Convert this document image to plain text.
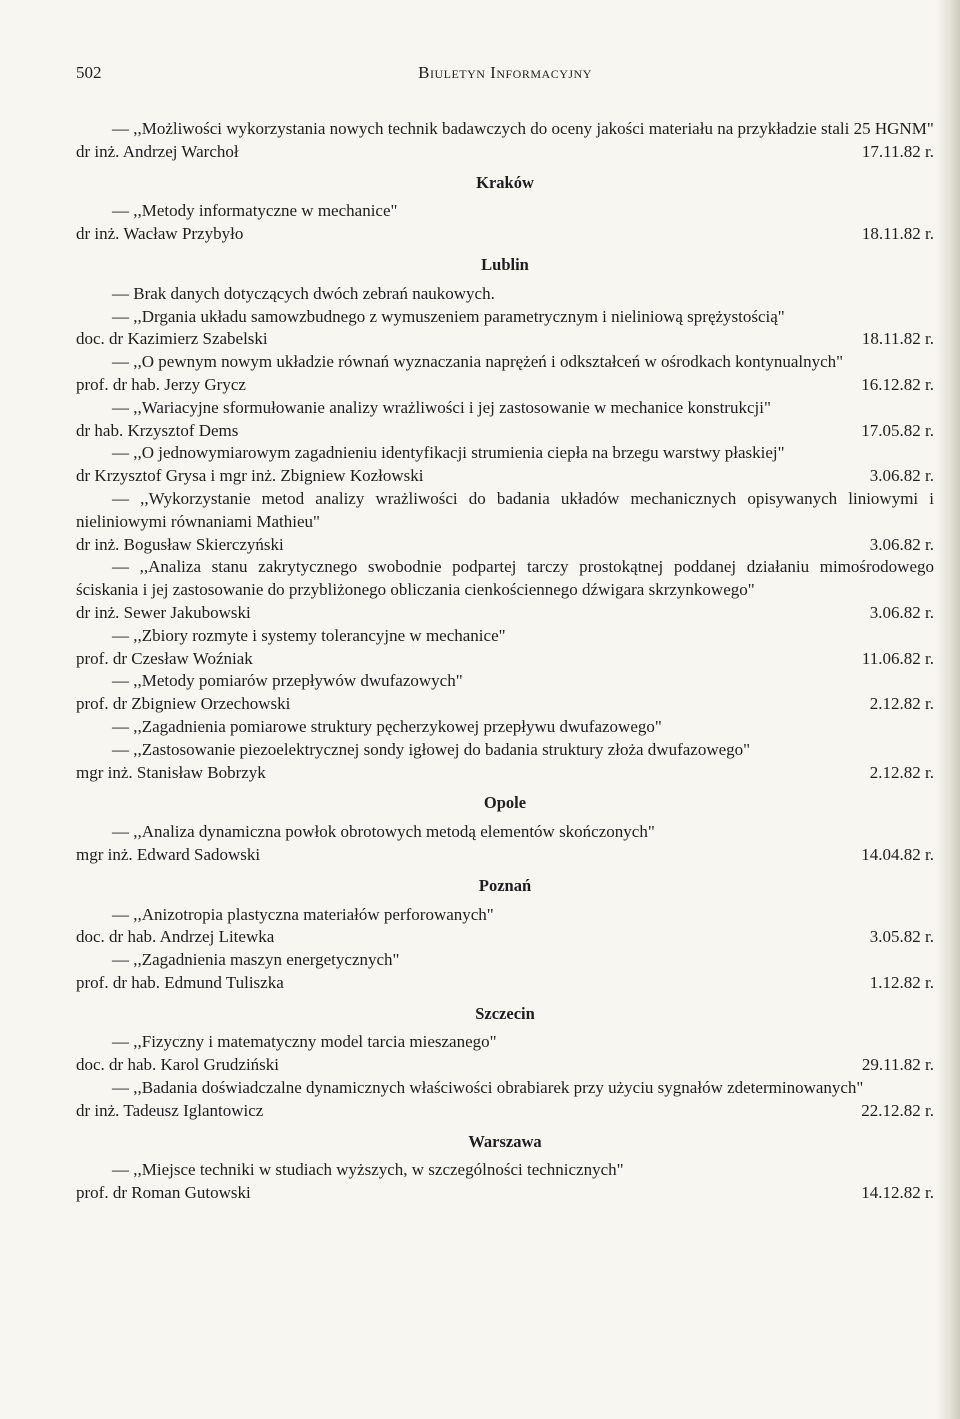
502	Biuletyn Informacyjny
— ,,Możliwości wykorzystania nowych technik badawczych do oceny jakości materiału na przykładzie stali 25 HGNM"
dr inż. Andrzej Warchoł	17.11.82 r.
Kraków
— ,,Metody informatyczne w mechanice"
dr inż. Wacław Przybyło	18.11.82 r.
Lublin
— Brak danych dotyczących dwóch zebrań naukowych.
— ,,Drgania układu samowzbudnego z wymuszeniem parametrycznym i nieliniową sprężystością"
doc. dr Kazimierz Szabelski	18.11.82 r.
— ,,O pewnym nowym układzie równań wyznaczania naprężeń i odkształceń w ośrodkach kontynualnych"
prof. dr hab. Jerzy Grycz	16.12.82 r.
— ,,Wariacyjne sformułowanie analizy wrażliwości i jej zastosowanie w mechanice konstrukcji"
dr hab. Krzysztof Dems	17.05.82 r.
— ,,O jednowymiarowym zagadnieniu identyfikacji strumienia ciepła na brzegu warstwy płaskiej"
dr Krzysztof Grysa i mgr inż. Zbigniew Kozłowski	3.06.82 r.
— ,,Wykorzystanie metod analizy wrażliwości do badania układów mechanicznych opisywanych liniowymi i nieliniowymi równaniami Mathieu"
dr inż. Bogusław Skierczyński	3.06.82 r.
— ,,Analiza stanu zakrytycznego swobodnie podpartej tarczy prostokątnej poddanej działaniu mimośrodowego ściskania i jej zastosowanie do przybliżonego obliczania cienkościennego dźwigara skrzynkowego"
dr inż. Sewer Jakubowski	3.06.82 r.
— ,,Zbiory rozmyte i systemy tolerancyjne w mechanice"
prof. dr Czesław Woźniak	11.06.82 r.
— ,,Metody pomiarów przepływów dwufazowych"
prof. dr Zbigniew Orzechowski	2.12.82 r.
— ,,Zagadnienia pomiarowe struktury pęcherzykowej przepływu dwufazowego"
— ,,Zastosowanie piezoelektrycznej sondy igłowej do badania struktury złoża dwufazowego"
mgr inż. Stanisław Bobrzyk	2.12.82 r.
Opole
— ,,Analiza dynamiczna powłok obrotowych metodą elementów skończonych"
mgr inż. Edward Sadowski	14.04.82 r.
Poznań
— ,,Anizotropia plastyczna materiałów perforowanych"
doc. dr hab. Andrzej Litewka	3.05.82 r.
— ,,Zagadnienia maszyn energetycznych"
prof. dr hab. Edmund Tuliszka	1.12.82 r.
Szczecin
— ,,Fizyczny i matematyczny model tarcia mieszanego"
doc. dr hab. Karol Grudziński	29.11.82 r.
— ,,Badania doświadczalne dynamicznych właściwości obrabiarek przy użyciu sygnałów zdeterminowanych"
dr inż. Tadeusz Iglantowicz	22.12.82 r.
Warszawa
— ,,Miejsce techniki w studiach wyższych, w szczególności technicznych"
prof. dr Roman Gutowski	14.12.82 r.
